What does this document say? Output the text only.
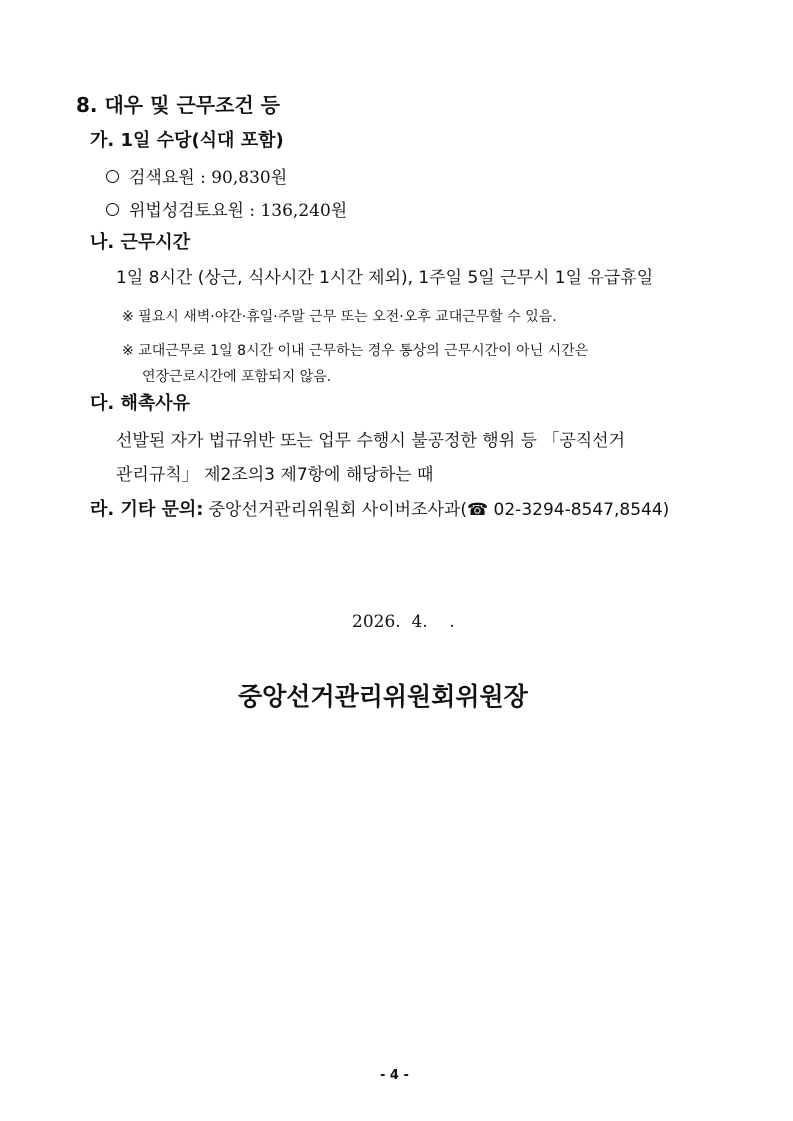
8. 대우 및 근무조건 등
가. 1일 수당(식대 포함)
검색요원 : 90,830원
위법성검토요원 : 136,240원
나. 근무시간
1일 8시간 (상근, 식사시간 1시간 제외), 1주일 5일 근무시 1일 유급휴일
※ 필요시 새벽·야간·휴일·주말 근무 또는 오전·오후 교대근무할 수 있음.
※ 교대근무로 1일 8시간 이내 근무하는 경우 통상의 근무시간이 아닌 시간은
연장근로시간에 포함되지 않음.
다. 해촉사유
선발된 자가 법규위반 또는 업무 수행시 불공정한 행위 등 「공직선거
관리규칙」 제2조의3 제7항에 해당하는 때
라. 기타 문의: 중앙선거관리위원회 사이버조사과(☎ 02-3294-8547,8544)
2026.  4.    .
중앙선거관리위원회위원장
- 4 -
